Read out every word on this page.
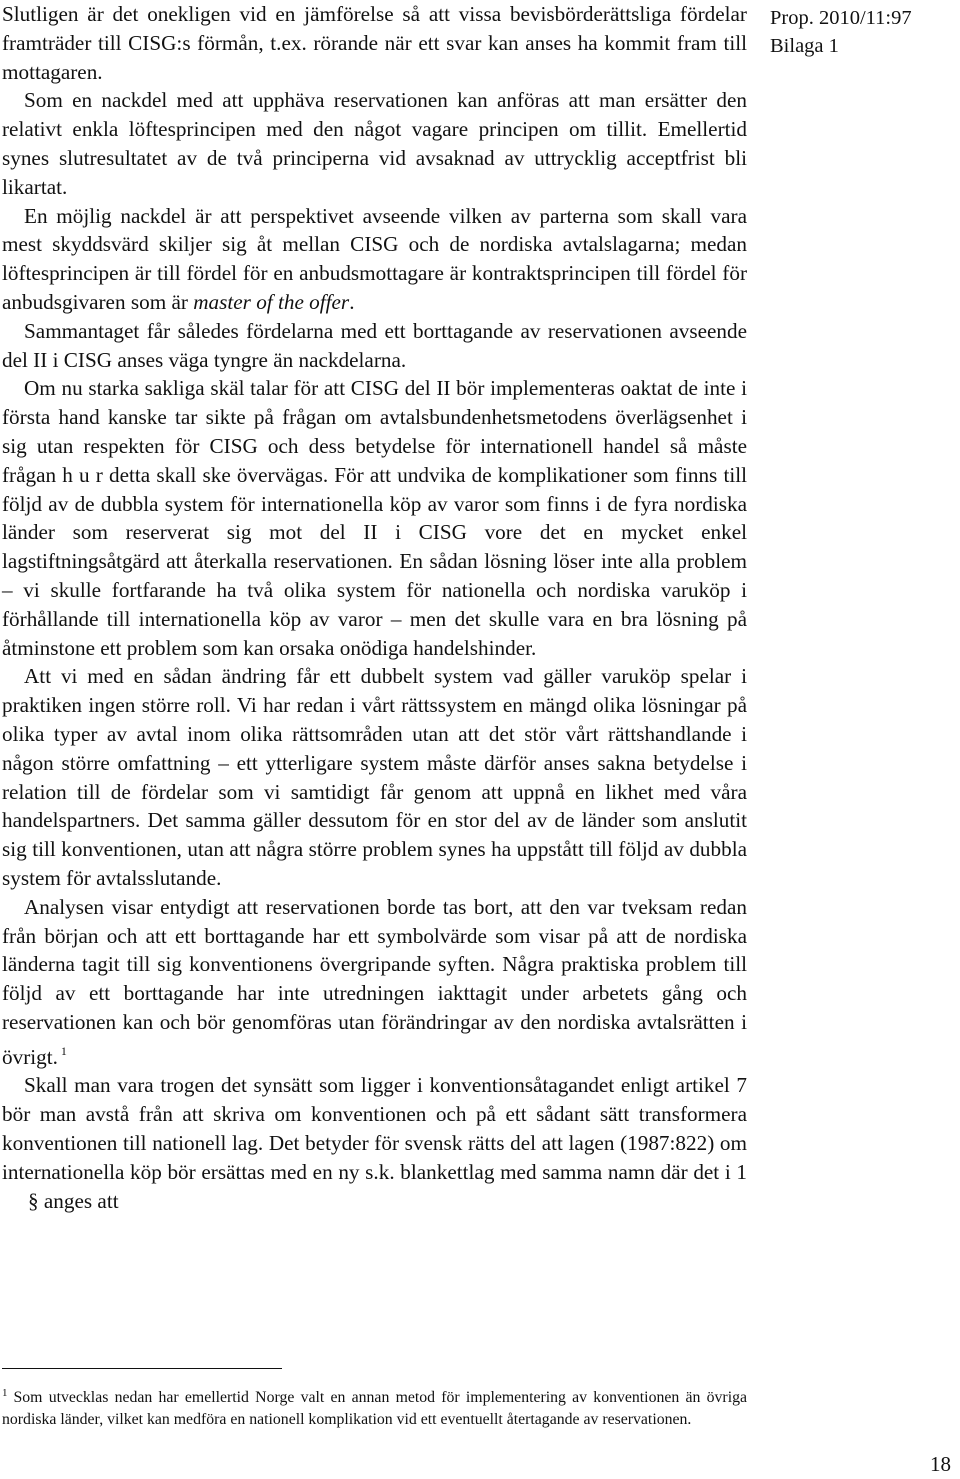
Slutligen är det onekligen vid en jämförelse så att vissa bevisbörderättsliga fördelar framträder till CISG:s förmån, t.ex. rörande när ett svar kan anses ha kommit fram till mottagaren.

Som en nackdel med att upphäva reservationen kan anföras att man ersätter den relativt enkla löftesprincipen med den något vagare principen om tillit. Emellertid synes slutresultatet av de två principerna vid avsaknad av uttrycklig acceptfrist bli likartat.

En möjlig nackdel är att perspektivet avseende vilken av parterna som skall vara mest skyddsvärd skiljer sig åt mellan CISG och de nordiska avtalslagarna; medan löftesprincipen är till fördel för en anbudsmottagare är kontraktsprincipen till fördel för anbudsgivaren som är master of the offer.

Sammantaget får således fördelarna med ett borttagande av reservationen avseende del II i CISG anses väga tyngre än nackdelarna.

Om nu starka sakliga skäl talar för att CISG del II bör implementeras oaktat de inte i första hand kanske tar sikte på frågan om avtalsbundenhetsmetodens överlägsenhet i sig utan respekten för CISG och dess betydelse för internationell handel så måste frågan h u r detta skall ske övervägas. För att undvika de komplikationer som finns till följd av de dubbla system för internationella köp av varor som finns i de fyra nordiska länder som reserverat sig mot del II i CISG vore det en mycket enkel lagstiftningsåtgärd att återkalla reservationen. En sådan lösning löser inte alla problem – vi skulle fortfarande ha två olika system för nationella och nordiska varuköp i förhållande till internationella köp av varor – men det skulle vara en bra lösning på åtminstone ett problem som kan orsaka onödiga handelshinder.

Att vi med en sådan ändring får ett dubbelt system vad gäller varuköp spelar i praktiken ingen större roll. Vi har redan i vårt rättssystem en mängd olika lösningar på olika typer av avtal inom olika rättsområden utan att det stör vårt rättshandlande i någon större omfattning – ett ytterligare system måste därför anses sakna betydelse i relation till de fördelar som vi samtidigt får genom att uppnå en likhet med våra handelspartners. Det samma gäller dessutom för en stor del av de länder som anslutit sig till konventionen, utan att några större problem synes ha uppstått till följd av dubbla system för avtalsslutande.

Analysen visar entydigt att reservationen borde tas bort, att den var tveksam redan från början och att ett borttagande har ett symbolvärde som visar på att de nordiska länderna tagit till sig konventionens övergripande syften. Några praktiska problem till följd av ett borttagande har inte utredningen iakttagit under arbetets gång och reservationen kan och bör genomföras utan förändringar av den nordiska avtalsrätten i övrigt. $^1$

Skall man vara trogen det synsätt som ligger i konventionsåtagandet enligt artikel 7 bör man avstå från att skriva om konventionen och på ett sådant sätt transformera konventionen till nationell lag. Det betyder för svensk rätts del att lagen (1987:822) om internationella köp bör ersättas med en ny s.k. blankettlag med samma namn där det i 1 § anges att

Prop. 2010/11:97
Bilaga 1

$^1$ Som utvecklas nedan har emellertid Norge valt en annan metod för implementering av konventionen än övriga nordiska länder, vilket kan medföra en nationell komplikation vid ett eventuellt återtagande av reservationen.

18
